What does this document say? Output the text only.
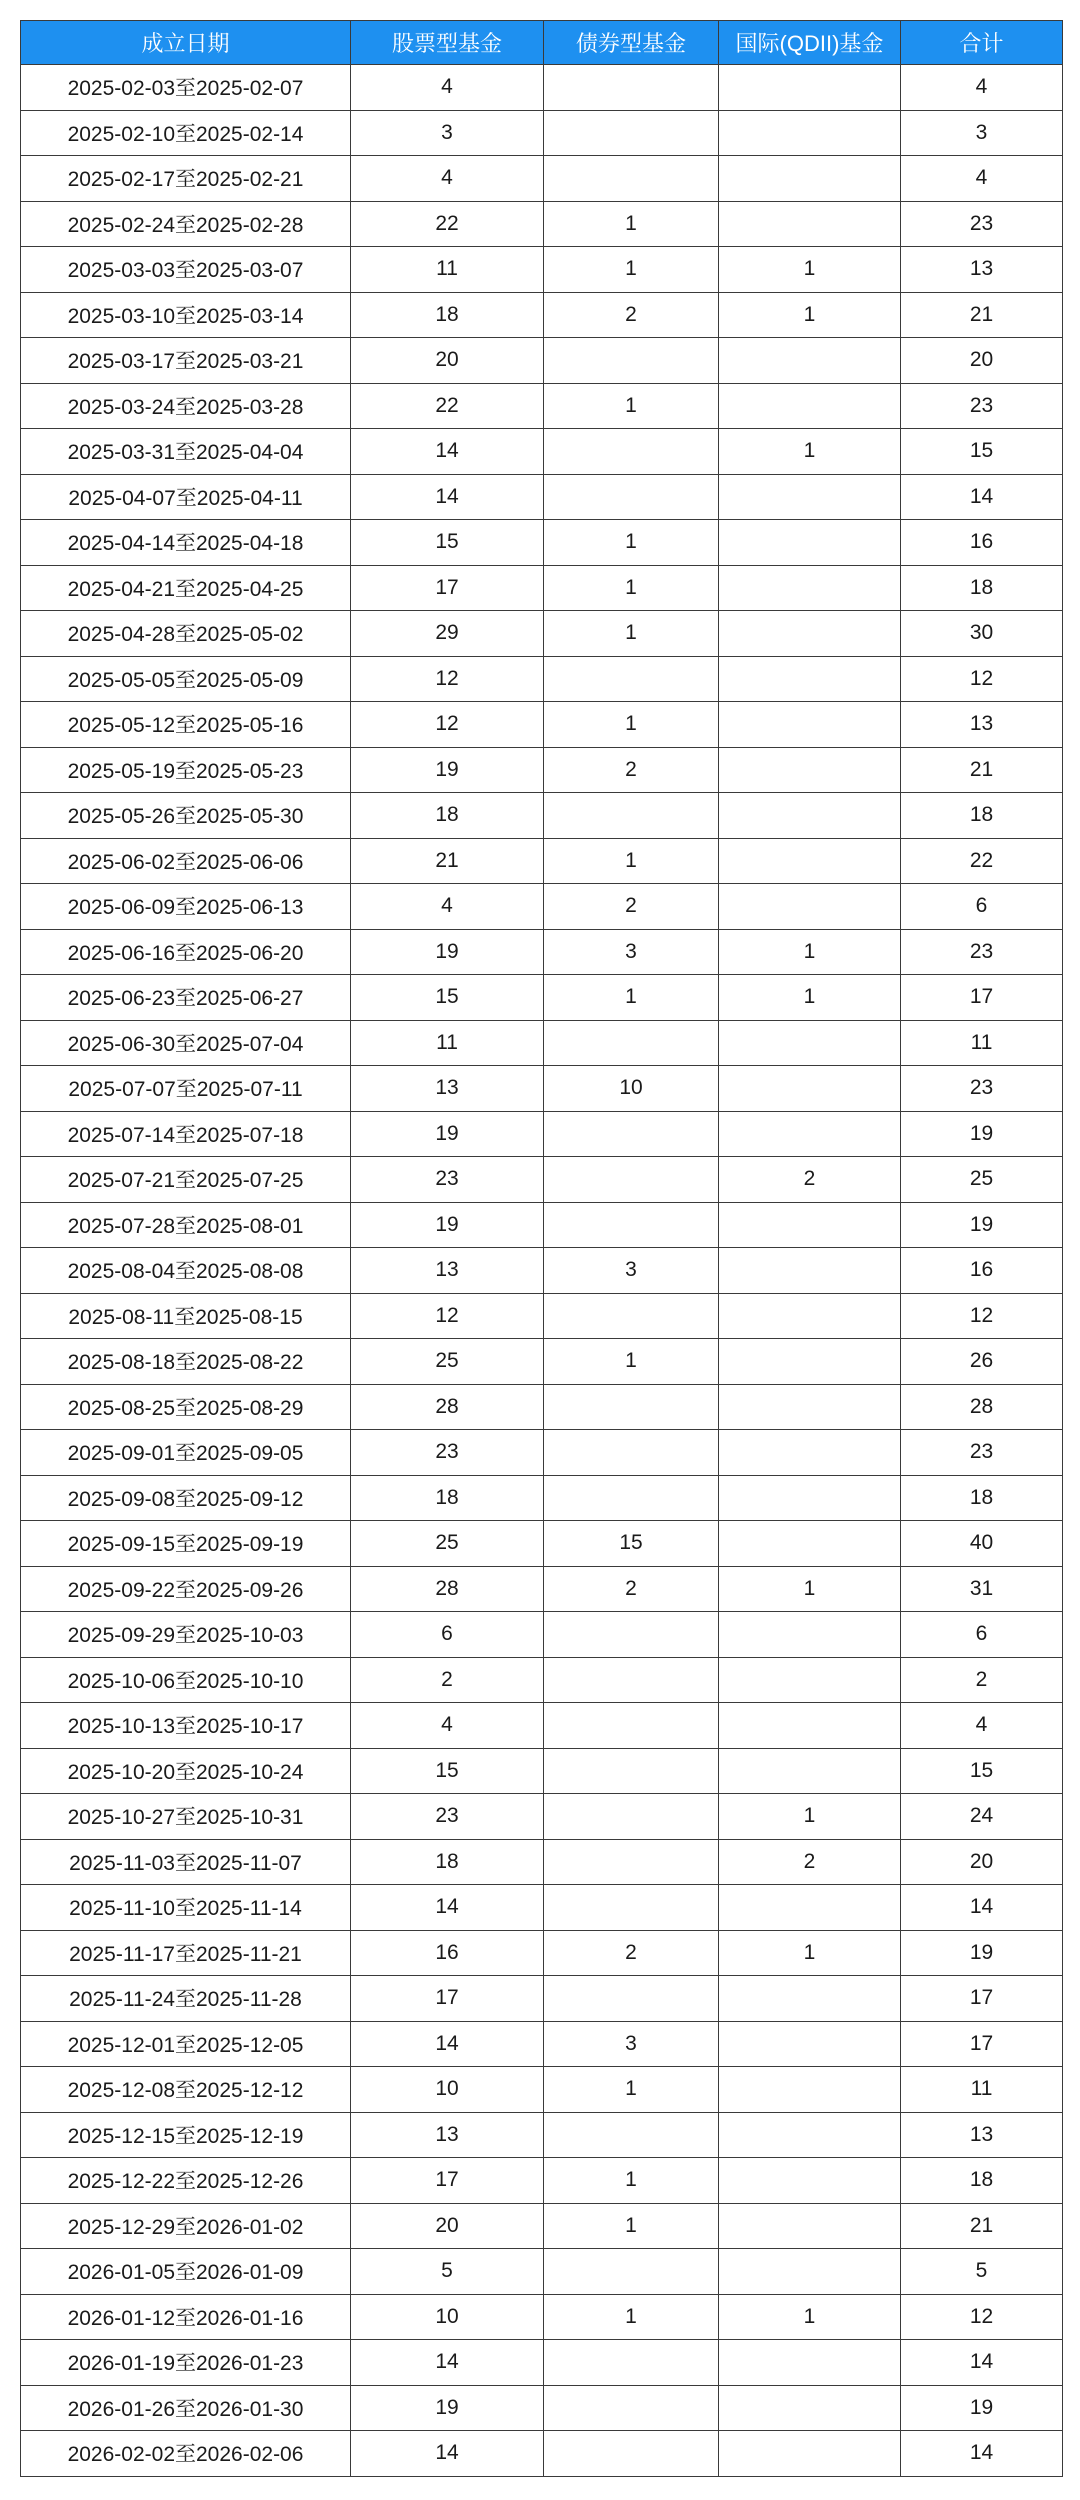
成立日期	股票型基金	债券型基金	国际(QDII)基金	合计
2025-02-03至2025-02-07	4			4
2025-02-10至2025-02-14	3			3
2025-02-17至2025-02-21	4			4
2025-02-24至2025-02-28	22	1		23
2025-03-03至2025-03-07	11	1	1	13
2025-03-10至2025-03-14	18	2	1	21
2025-03-17至2025-03-21	20			20
2025-03-24至2025-03-28	22	1		23
2025-03-31至2025-04-04	14		1	15
2025-04-07至2025-04-11	14			14
2025-04-14至2025-04-18	15	1		16
2025-04-21至2025-04-25	17	1		18
2025-04-28至2025-05-02	29	1		30
2025-05-05至2025-05-09	12			12
2025-05-12至2025-05-16	12	1		13
2025-05-19至2025-05-23	19	2		21
2025-05-26至2025-05-30	18			18
2025-06-02至2025-06-06	21	1		22
2025-06-09至2025-06-13	4	2		6
2025-06-16至2025-06-20	19	3	1	23
2025-06-23至2025-06-27	15	1	1	17
2025-06-30至2025-07-04	11			11
2025-07-07至2025-07-11	13	10		23
2025-07-14至2025-07-18	19			19
2025-07-21至2025-07-25	23		2	25
2025-07-28至2025-08-01	19			19
2025-08-04至2025-08-08	13	3		16
2025-08-11至2025-08-15	12			12
2025-08-18至2025-08-22	25	1		26
2025-08-25至2025-08-29	28			28
2025-09-01至2025-09-05	23			23
2025-09-08至2025-09-12	18			18
2025-09-15至2025-09-19	25	15		40
2025-09-22至2025-09-26	28	2	1	31
2025-09-29至2025-10-03	6			6
2025-10-06至2025-10-10	2			2
2025-10-13至2025-10-17	4			4
2025-10-20至2025-10-24	15			15
2025-10-27至2025-10-31	23		1	24
2025-11-03至2025-11-07	18		2	20
2025-11-10至2025-11-14	14			14
2025-11-17至2025-11-21	16	2	1	19
2025-11-24至2025-11-28	17			17
2025-12-01至2025-12-05	14	3		17
2025-12-08至2025-12-12	10	1		11
2025-12-15至2025-12-19	13			13
2025-12-22至2025-12-26	17	1		18
2025-12-29至2026-01-02	20	1		21
2026-01-05至2026-01-09	5			5
2026-01-12至2026-01-16	10	1	1	12
2026-01-19至2026-01-23	14			14
2026-01-26至2026-01-30	19			19
2026-02-02至2026-02-06	14			14
